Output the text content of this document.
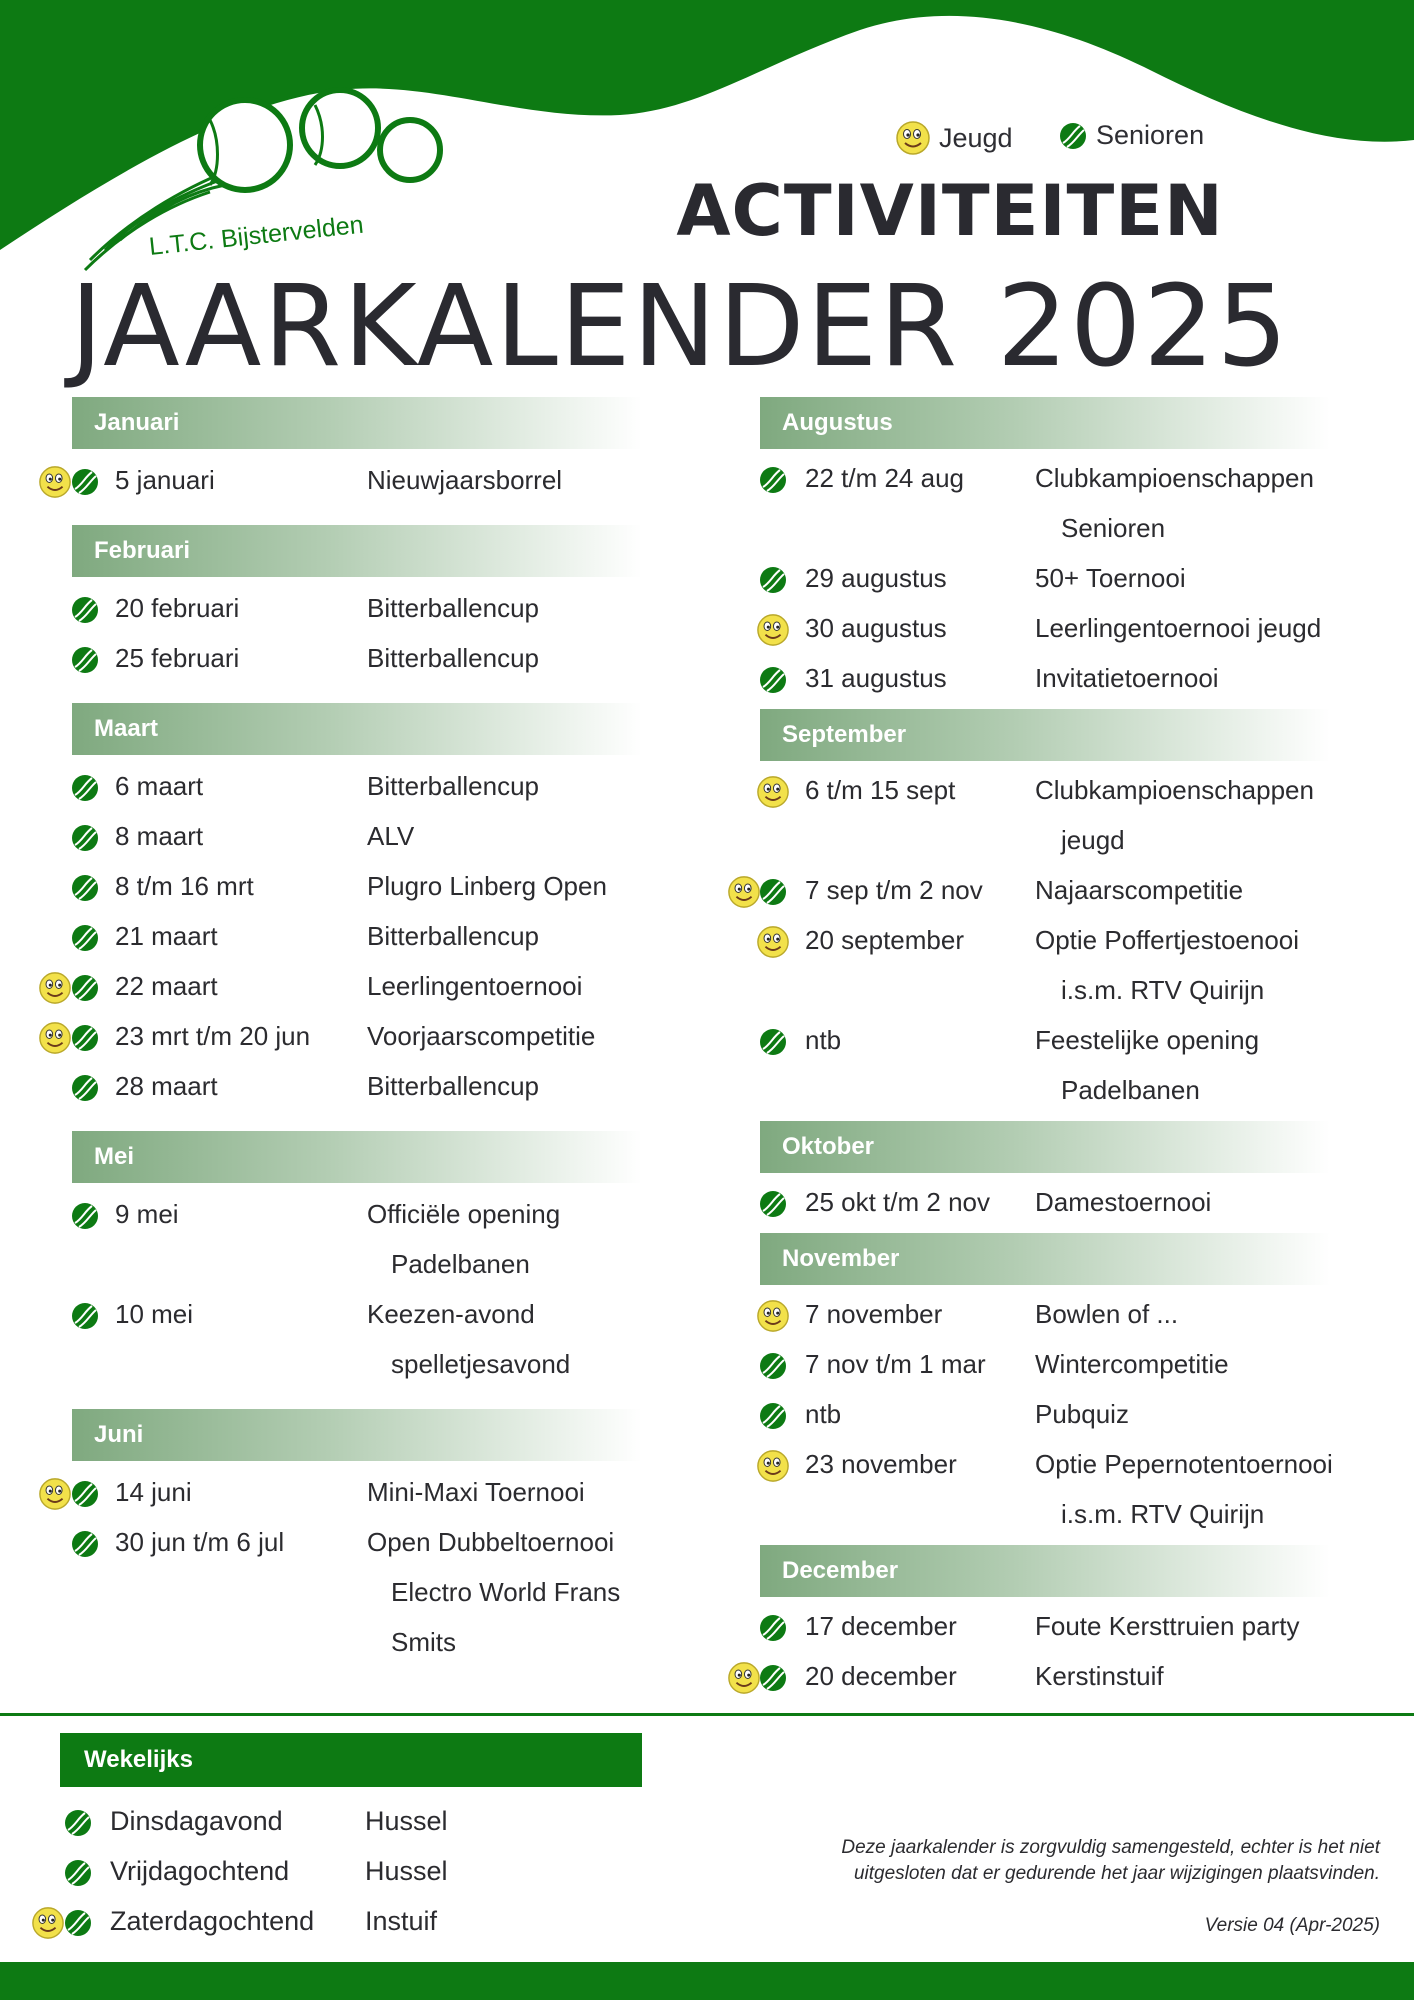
L.T.C. Bijstervelden
Jeugd	Senioren
ACTIVITEITEN
JAARKALENDER 2025
Januari
5 januari	Nieuwjaarsborrel
Februari
20 februari	Bitterballencup
25 februari	Bitterballencup
Maart
6 maart	Bitterballencup
8 maart	ALV
8 t/m 16 mrt	Plugro Linberg Open
21 maart	Bitterballencup
22 maart	Leerlingentoernooi
23 mrt t/m 20 jun Voorjaarscompetitie
28 maart	Bitterballencup
Mei
9 mei	Officiële opening
Padelbanen
10 mei	Keezen-avond
spelletjesavond
Juni
14 juni	Mini-Maxi Toernooi
30 jun t/m 6 jul	Open Dubbeltoernooi
Electro World Frans
Smits
Augustus
22 t/m 24 aug	Clubkampioenschappen
Senioren
29 augustus	50+ Toernooi
30 augustus	Leerlingentoernooi jeugd
31 augustus	Invitatietoernooi
September
6 t/m 15 sept	Clubkampioenschappen
jeugd
7 sep t/m 2 nov Najaarscompetitie
20 september	Optie Poffertjestoenooi
i.s.m. RTV Quirijn
ntb	Feestelijke opening
Padelbanen
Oktober
25 okt t/m 2 nov Damestoernooi
November
7 november	Bowlen of ...
7 nov t/m 1 mar Wintercompetitie
ntb	Pubquiz
23 november	Optie Pepernotentoernooi
i.s.m. RTV Quirijn
December
17 december	Foute Kersttruien party
20 december	Kerstinstuif
Wekelijks
Dinsdagavond	Hussel
Vrijdagochtend	Hussel
Zaterdagochtend Instuif
Deze jaarkalender is zorgvuldig samengesteld, echter is het niet
uitgesloten dat er gedurende het jaar wijzigingen plaatsvinden.
Versie 04 (Apr-2025)
